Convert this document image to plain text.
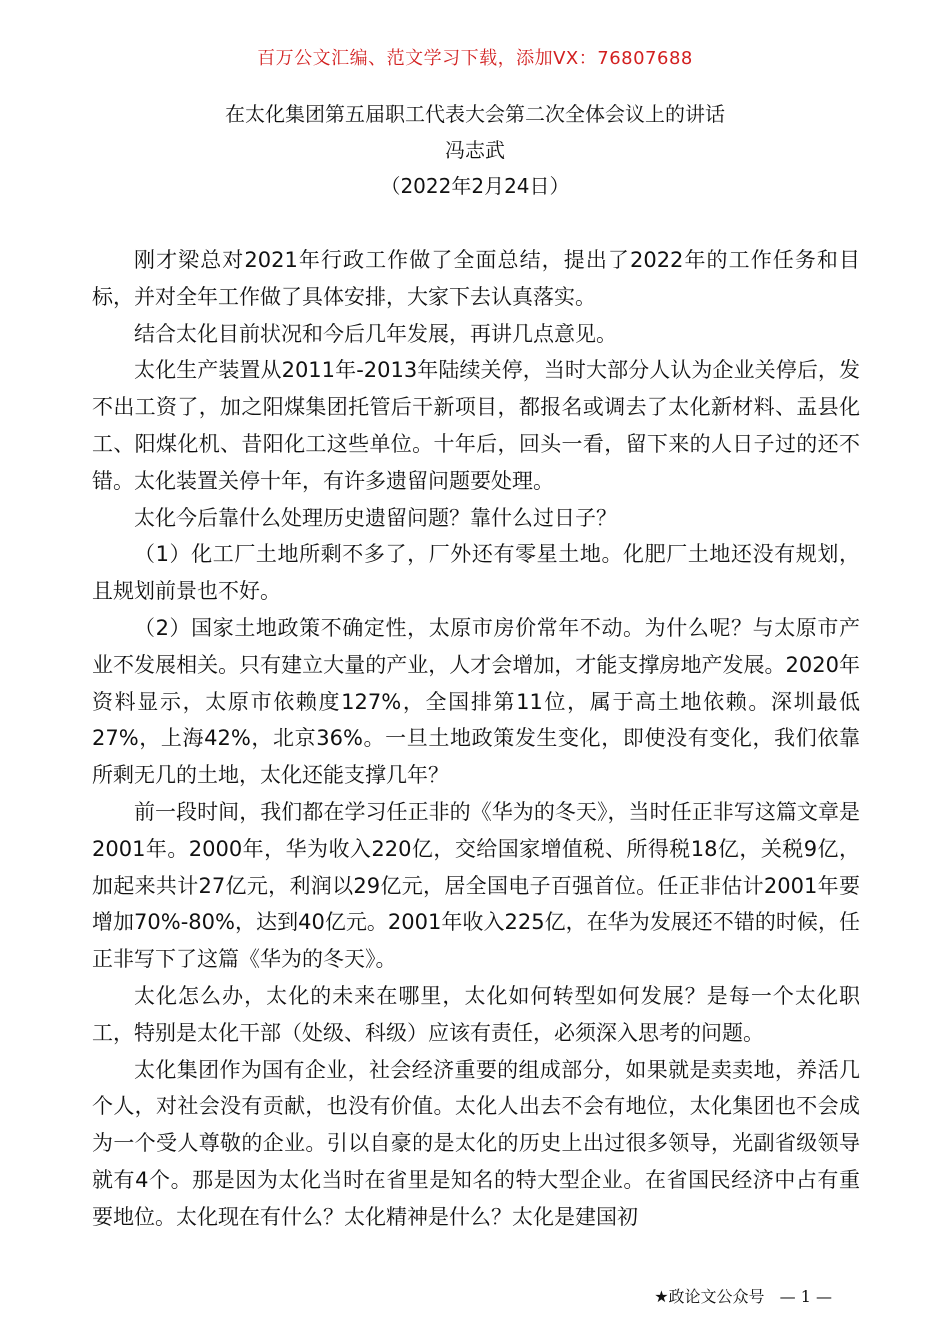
百万公文汇编、范文学习下载，添加VX：76807688
在太化集团第五届职工代表大会第二次全体会议上的讲话
冯志武
（2022年2月24日）

刚才梁总对2021年行政工作做了全面总结，提出了2022年的工作任务和目标，并对全年工作做了具体安排，大家下去认真落实。

结合太化目前状况和今后几年发展，再讲几点意见。

太化生产装置从2011年-2013年陆续关停，当时大部分人认为企业关停后，发不出工资了，加之阳煤集团托管后干新项目，都报名或调去了太化新材料、盂县化工、阳煤化机、昔阳化工这些单位。十年后，回头一看，留下来的人日子过的还不错。太化装置关停十年，有许多遗留问题要处理。

太化今后靠什么处理历史遗留问题？靠什么过日子？

（1）化工厂土地所剩不多了，厂外还有零星土地。化肥厂土地还没有规划，且规划前景也不好。

（2）国家土地政策不确定性，太原市房价常年不动。为什么呢？与太原市产业不发展相关。只有建立大量的产业，人才会增加，才能支撑房地产发展。2020年资料显示，太原市依赖度127%，全国排第11位，属于高土地依赖。深圳最低27%，上海42%，北京36%。一旦土地政策发生变化，即使没有变化，我们依靠所剩无几的土地，太化还能支撑几年？

前一段时间，我们都在学习任正非的《华为的冬天》，当时任正非写这篇文章是2001年。2000年，华为收入220亿，交给国家增值税、所得税18亿，关税9亿，加起来共计27亿元，利润以29亿元，居全国电子百强首位。任正非估计2001年要增加70%-80%，达到40亿元。2001年收入225亿，在华为发展还不错的时候，任正非写下了这篇《华为的冬天》。

太化怎么办，太化的未来在哪里，太化如何转型如何发展？是每一个太化职工，特别是太化干部（处级、科级）应该有责任，必须深入思考的问题。

太化集团作为国有企业，社会经济重要的组成部分，如果就是卖卖地，养活几个人，对社会没有贡献，也没有价值。太化人出去不会有地位，太化集团也不会成为一个受人尊敬的企业。引以自豪的是太化的历史上出过很多领导，光副省级领导就有4个。那是因为太化当时在省里是知名的特大型企业。在省国民经济中占有重要地位。太化现在有什么？太化精神是什么？太化是建国初

★政论文公众号 — 1 —
